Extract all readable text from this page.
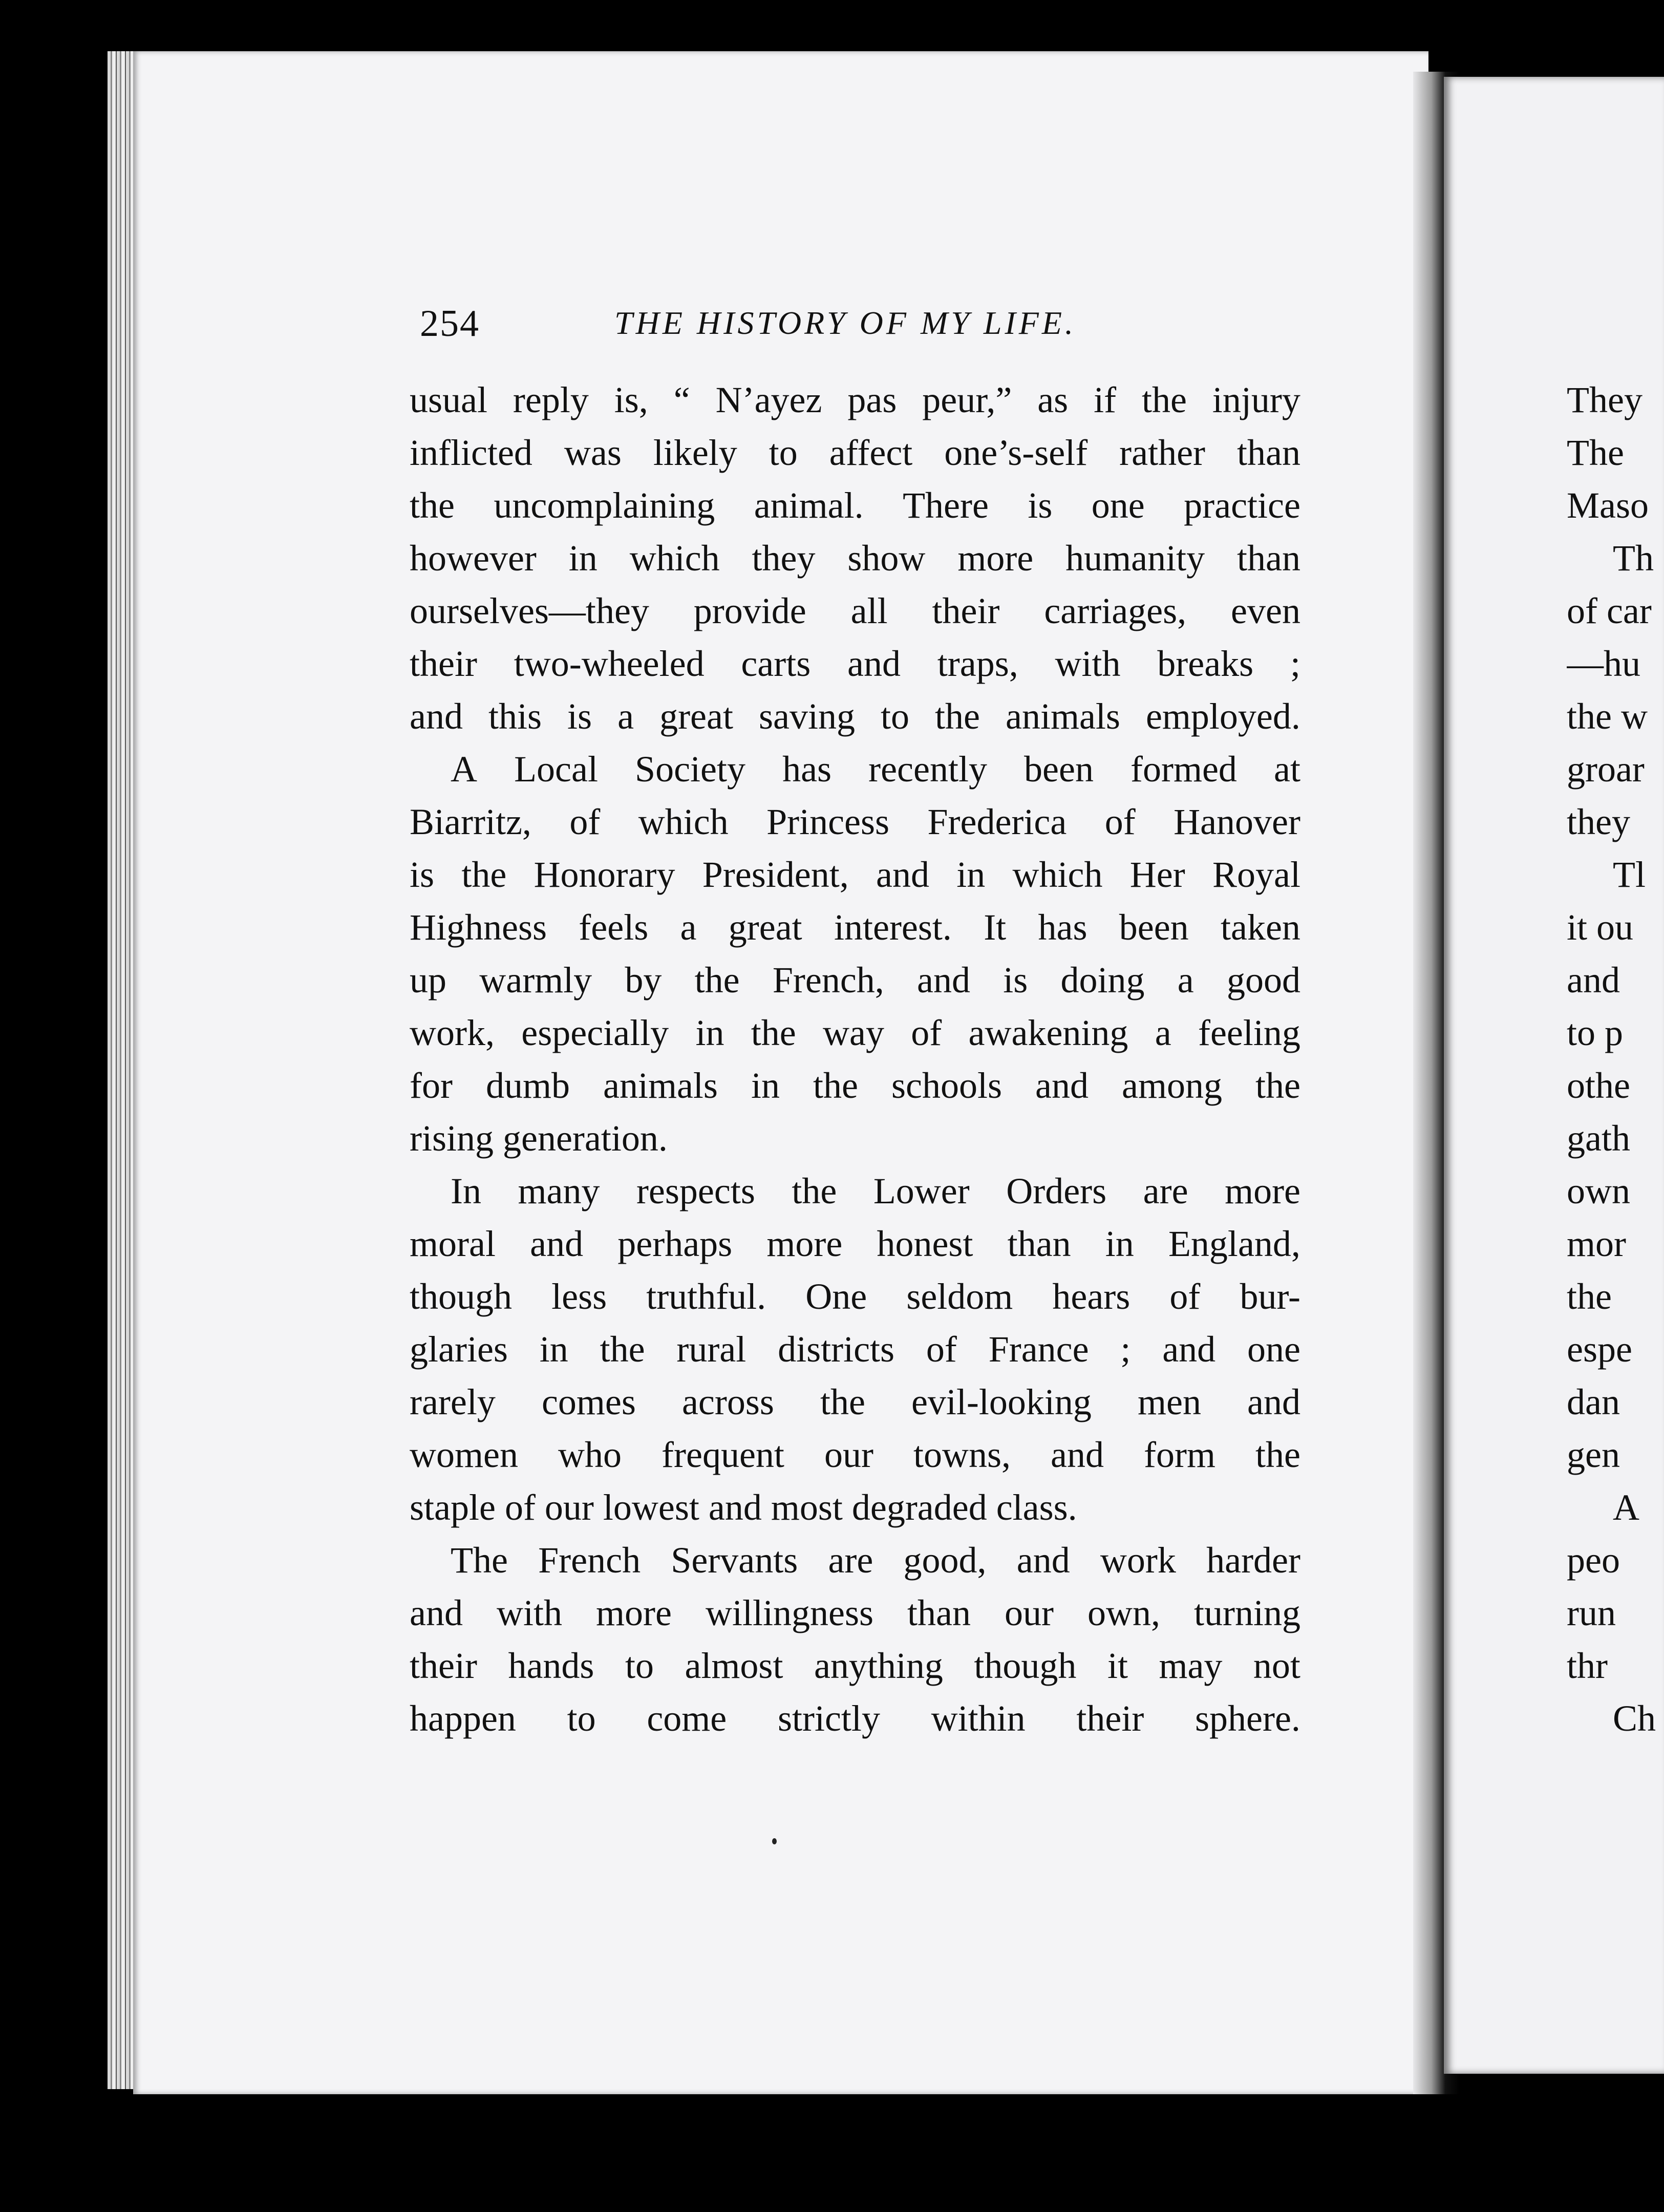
254	THE HISTORY OF MY LIFE.
usual reply is, “ N’ayez pas peur,” as if the injury
inflicted was likely to affect one’s-self rather than
the uncomplaining animal. There is one practice
however in which they show more humanity than
ourselves—they provide all their carriages, even
their two-wheeled carts and traps, with breaks ;
and this is a great saving to the animals employed.
A Local Society has recently been formed at
Biarritz, of which Princess Frederica of Hanover
is the Honorary President, and in which Her Royal
Highness feels a great interest. It has been taken
up warmly by the French, and is doing a good
work, especially in the way of awakening a feeling
for dumb animals in the schools and among the
rising generation.
In many respects the Lower Orders are more
moral and perhaps more honest than in England,
though less truthful. One seldom hears of bur-
glaries in the rural districts of France ; and one
rarely comes across the evil-looking men and
women who frequent our towns, and form the
staple of our lowest and most degraded class.
The French Servants are good, and work harder
and with more willingness than our own, turning
their hands to almost anything though it may not
happen to come strictly within their sphere.
They
The
Maso
Th
of car
—hu
the w
groar
they
Tl
it ou
and
to p
othe
gath
own
mor
the
espe
dan
gen
A
peo
run
thr
Ch
